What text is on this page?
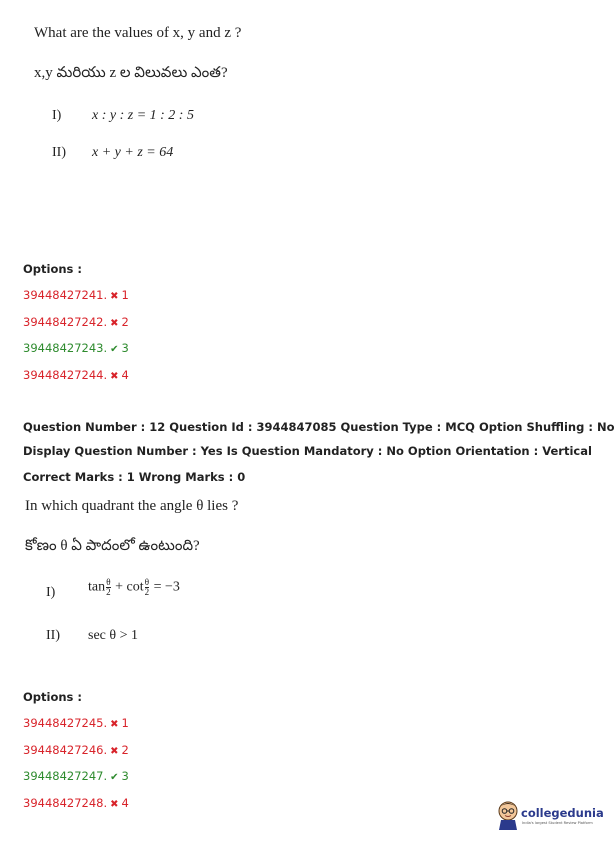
What are the values of x, y and z ?
x,y మరియు z ల విలువలు ఎంత?
I) x : y : z = 1 : 2 : 5
II) x + y + z = 64
Options :
39448427241. ✖ 1
39448427242. ✖ 2
39448427243. ✔ 3
39448427244. ✖ 4
Question Number : 12 Question Id : 3944847085 Question Type : MCQ Option Shuffling : No
Display Question Number : Yes Is Question Mandatory : No Option Orientation : Vertical
Correct Marks : 1 Wrong Marks : 0
In which quadrant the angle θ lies ?
కోణం θ ఏ పాదంలో ఉంటుంది?
I) $\tan \frac{\theta}{2} + \cot \frac{\theta}{2} = -3$
II) sec θ > 1
Options :
39448427245. ✖ 1
39448427246. ✖ 2
39448427247. ✔ 3
39448427248. ✖ 4
collegedunia
India's largest Student Review Platform
